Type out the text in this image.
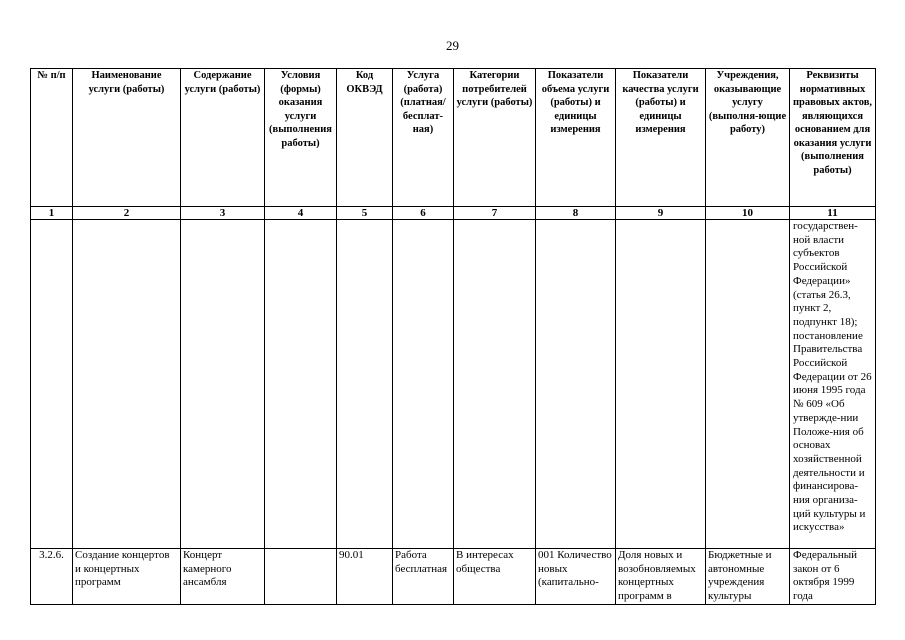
29
№ п/п	Наименование услуги (работы)	Содержание услуги (работы)	Условия (формы) оказания услуги (выполнения работы)	Код ОКВЭД	Услуга (работа) (платная/ бесплат-ная)	Категории потребителей услуги (работы)	Показатели объема услуги (работы) и единицы измерения	Показатели качества услуги (работы) и единицы измерения	Учреждения, оказывающие услугу (выполня-ющие работу)	Реквизиты нормативных правовых актов, являющихся основанием для оказания услуги (выполнения работы)
1	2	3	4	5	6	7	8	9	10	11
										государствен-ной власти субъектов Российской Федерации» (статья 26.3, пункт 2, подпункт 18); постановление Правительства Российской Федерации от 26 июня 1995 года № 609 «Об утвержде-нии Положе-ния об основах хозяйственной деятельности и финансирова-ния организа-ций культуры и искусства»
3.2.6.	Создание концертов и концертных программ	Концерт камерного ансамбля		90.01	Работа бесплатная	В интересах общества	001 Количество новых (капитально-	Доля новых и возобновляемых концертных программ в	Бюджетные и автономные учреждения культуры	Федеральный закон от 6 октября 1999 года
